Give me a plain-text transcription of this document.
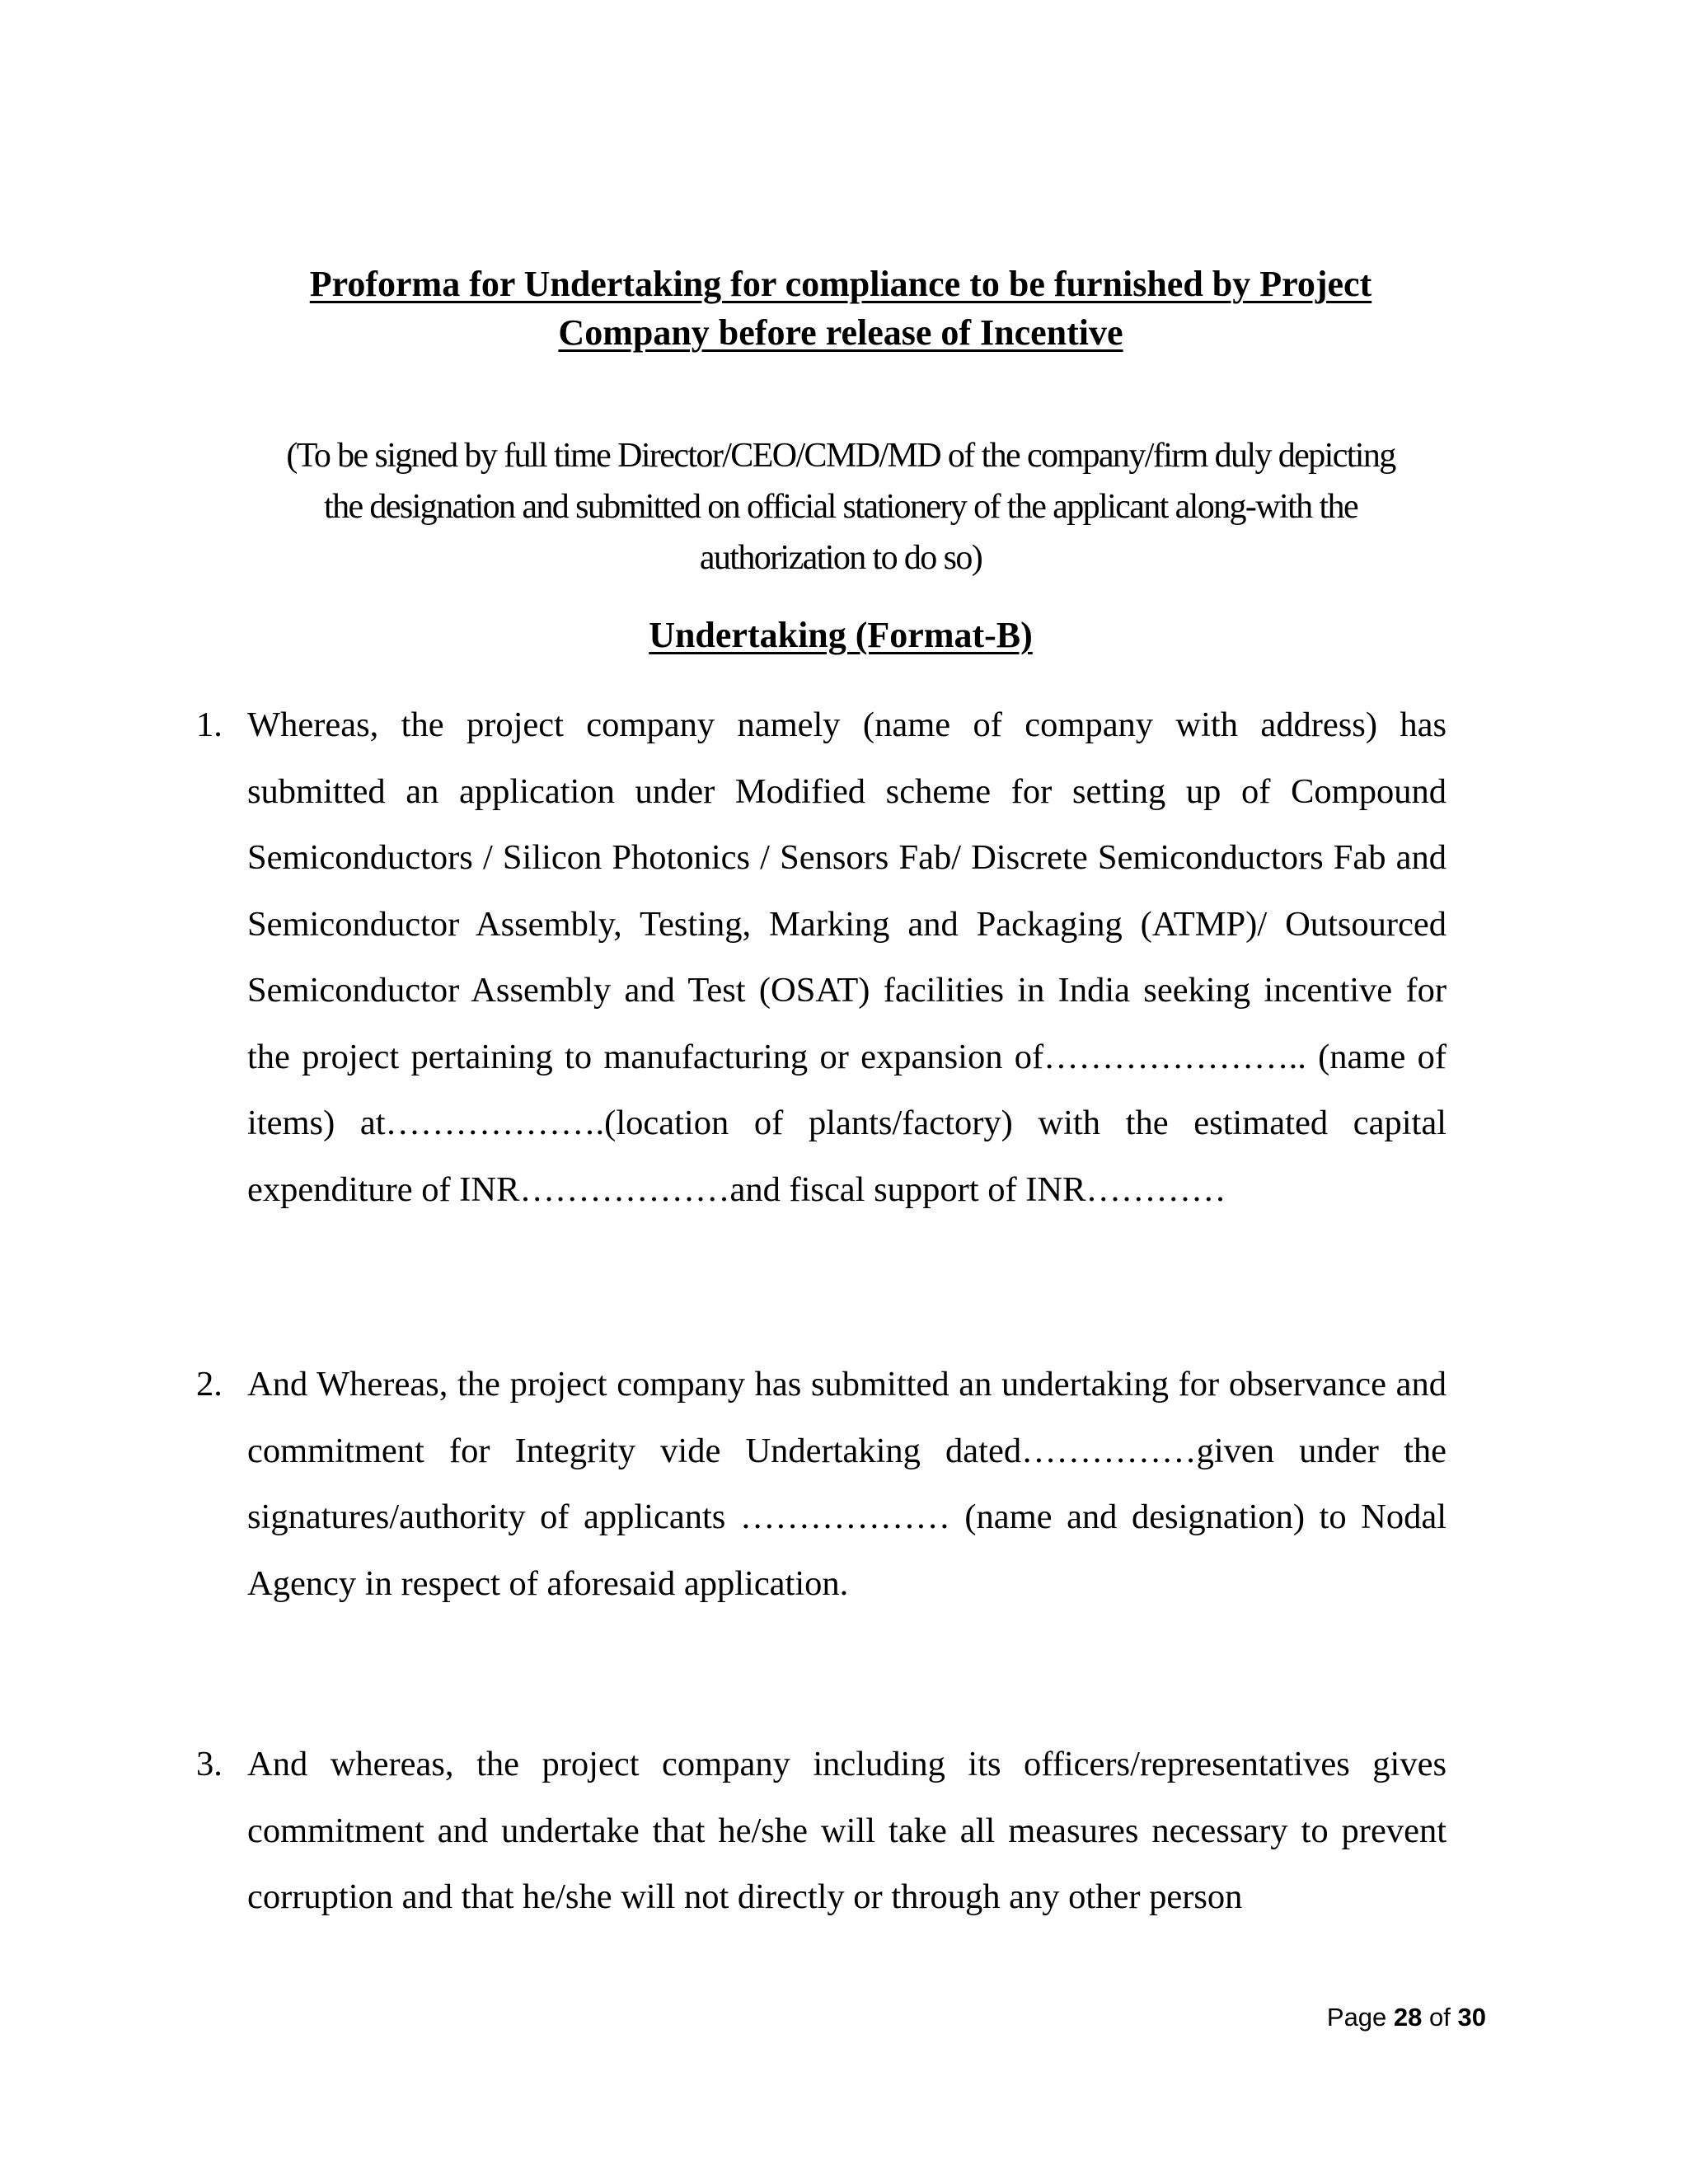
Proforma for Undertaking for compliance to be furnished by Project
Company before release of Incentive
(To be signed by full time Director/CEO/CMD/MD of the company/firm duly depicting
the designation and submitted on official stationery of the applicant along-with the
authorization to do so)
Undertaking (Format-B)
1. Whereas, the project company namely (name of company with address) has submitted an application under Modified scheme for setting up of Compound Semiconductors / Silicon Photonics / Sensors Fab/ Discrete Semiconductors Fab and Semiconductor Assembly, Testing, Marking and Packaging (ATMP)/ Outsourced Semiconductor Assembly and Test (OSAT) facilities in India seeking incentive for the project pertaining to manufacturing or expansion of………………….. (name of items) at……………….(location of plants/factory) with the estimated capital expenditure of INR………………and fiscal support of INR…………
2. And Whereas, the project company has submitted an undertaking for observance and commitment for Integrity vide Undertaking dated……………given under the signatures/authority of applicants ……………… (name and designation) to Nodal Agency in respect of aforesaid application.
3. And whereas, the project company including its officers/representatives gives commitment and undertake that he/she will take all measures necessary to prevent corruption and that he/she will not directly or through any other person
Page 28 of 30
